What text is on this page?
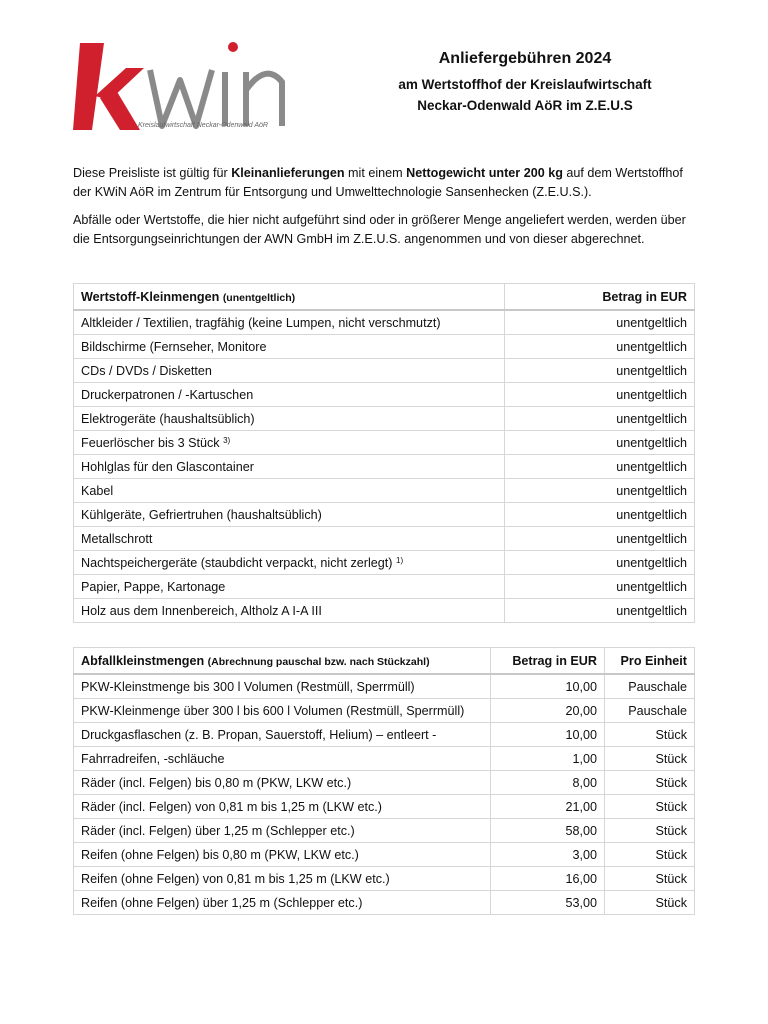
Kreislaufwirtschaft Neckar-Odenwald AöR
Anliefergebühren 2024
am Wertstoffhof der Kreislaufwirtschaft
Neckar-Odenwald AöR im Z.E.U.S

Diese Preisliste ist gültig für Kleinanlieferungen mit einem Nettogewicht unter 200 kg auf dem Wertstoffhof der KWiN AöR im Zentrum für Entsorgung und Umwelttechnologie Sansenhecken (Z.E.U.S.).

Abfälle oder Wertstoffe, die hier nicht aufgeführt sind oder in größerer Menge angeliefert werden, werden über die Entsorgungseinrichtungen der AWN GmbH im Z.E.U.S. angenommen und von dieser abgerechnet.

Wertstoff-Kleinmengen (unentgeltlich)	Betrag in EUR
Altkleider / Textilien, tragfähig (keine Lumpen, nicht verschmutzt)	unentgeltlich
Bildschirme (Fernseher, Monitore	unentgeltlich
CDs / DVDs / Disketten	unentgeltlich
Druckerpatronen / -Kartuschen	unentgeltlich
Elektrogeräte (haushaltsüblich)	unentgeltlich
Feuerlöscher bis 3 Stück $^{3)}$	unentgeltlich
Hohlglas für den Glascontainer	unentgeltlich
Kabel	unentgeltlich
Kühlgeräte, Gefriertruhen (haushaltsüblich)	unentgeltlich
Metallschrott	unentgeltlich
Nachtspeichergeräte (staubdicht verpackt, nicht zerlegt) $^{1)}$	unentgeltlich
Papier, Pappe, Kartonage	unentgeltlich
Holz aus dem Innenbereich, Altholz A I-A III	unentgeltlich
Abfallkleinstmengen (Abrechnung pauschal bzw. nach Stückzahl)	Betrag in EUR	Pro Einheit
PKW-Kleinstmenge bis 300 l Volumen (Restmüll, Sperrmüll)	10,00	Pauschale
PKW-Kleinmenge über 300 l bis 600 l Volumen (Restmüll, Sperrmüll)	20,00	Pauschale
Druckgasflaschen (z. B. Propan, Sauerstoff, Helium) – entleert -	10,00	Stück
Fahrradreifen, -schläuche	1,00	Stück
Räder (incl. Felgen) bis 0,80 m (PKW, LKW etc.)	8,00	Stück
Räder (incl. Felgen) von 0,81 m bis 1,25 m (LKW etc.)	21,00	Stück
Räder (incl. Felgen) über 1,25 m (Schlepper etc.)	58,00	Stück
Reifen (ohne Felgen) bis 0,80 m (PKW, LKW etc.)	3,00	Stück
Reifen (ohne Felgen) von 0,81 m bis 1,25 m (LKW etc.)	16,00	Stück
Reifen (ohne Felgen) über 1,25 m (Schlepper etc.)	53,00	Stück
